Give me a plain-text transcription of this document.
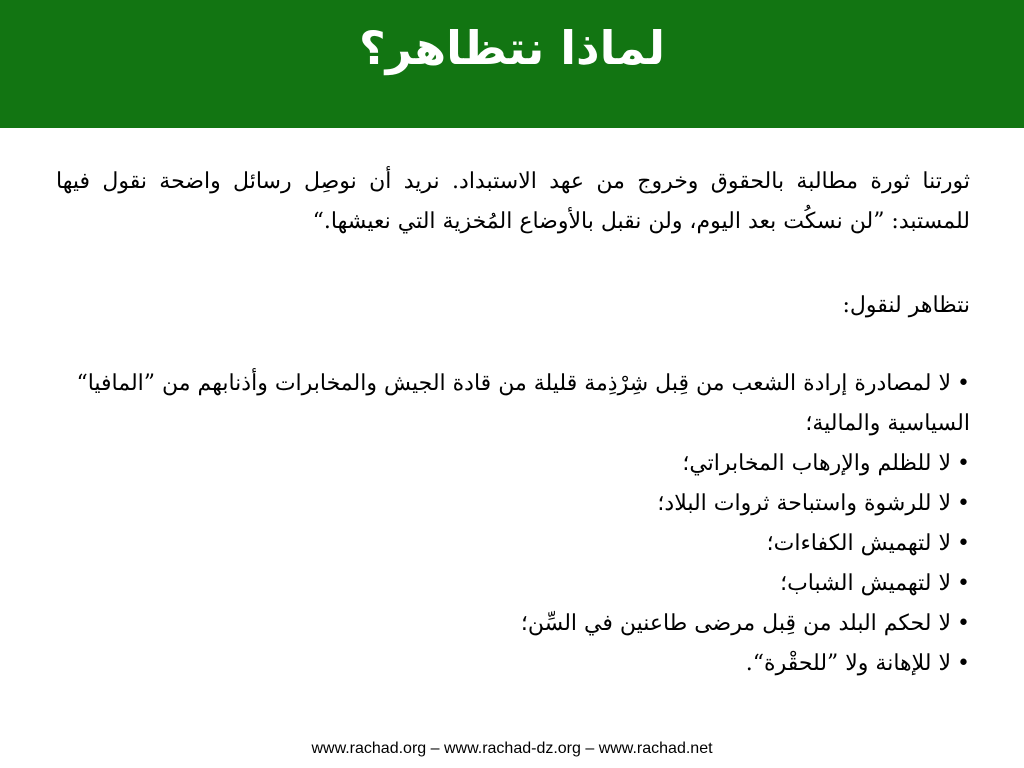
لماذا نتظاهر؟

ثورتنا ثورة مطالبة بالحقوق وخروج من عهد الاستبداد. نريد أن نوصِل رسائل واضحة نقول فيها للمستبد: ”لن نسكُت بعد اليوم، ولن نقبل بالأوضاع المُخزية التي نعيشها.“

نتظاهر لنقول:

•لا لمصادرة إرادة الشعب من قِبل شِرْذِمة قليلة من قادة الجيش والمخابرات وأذنابهم من ”المافيا“ السياسية والمالية؛
•لا للظلم والإرهاب المخابراتي؛
•لا للرشوة واستباحة ثروات البلاد؛
•لا لتهميش الكفاءات؛
•لا لتهميش الشباب؛
•لا لحكم البلد من قِبل مرضى طاعنين في السِّن؛
•لا للإهانة ولا ”للحقْرة“.
www.rachad.org – www.rachad-dz.org – www.rachad.net
